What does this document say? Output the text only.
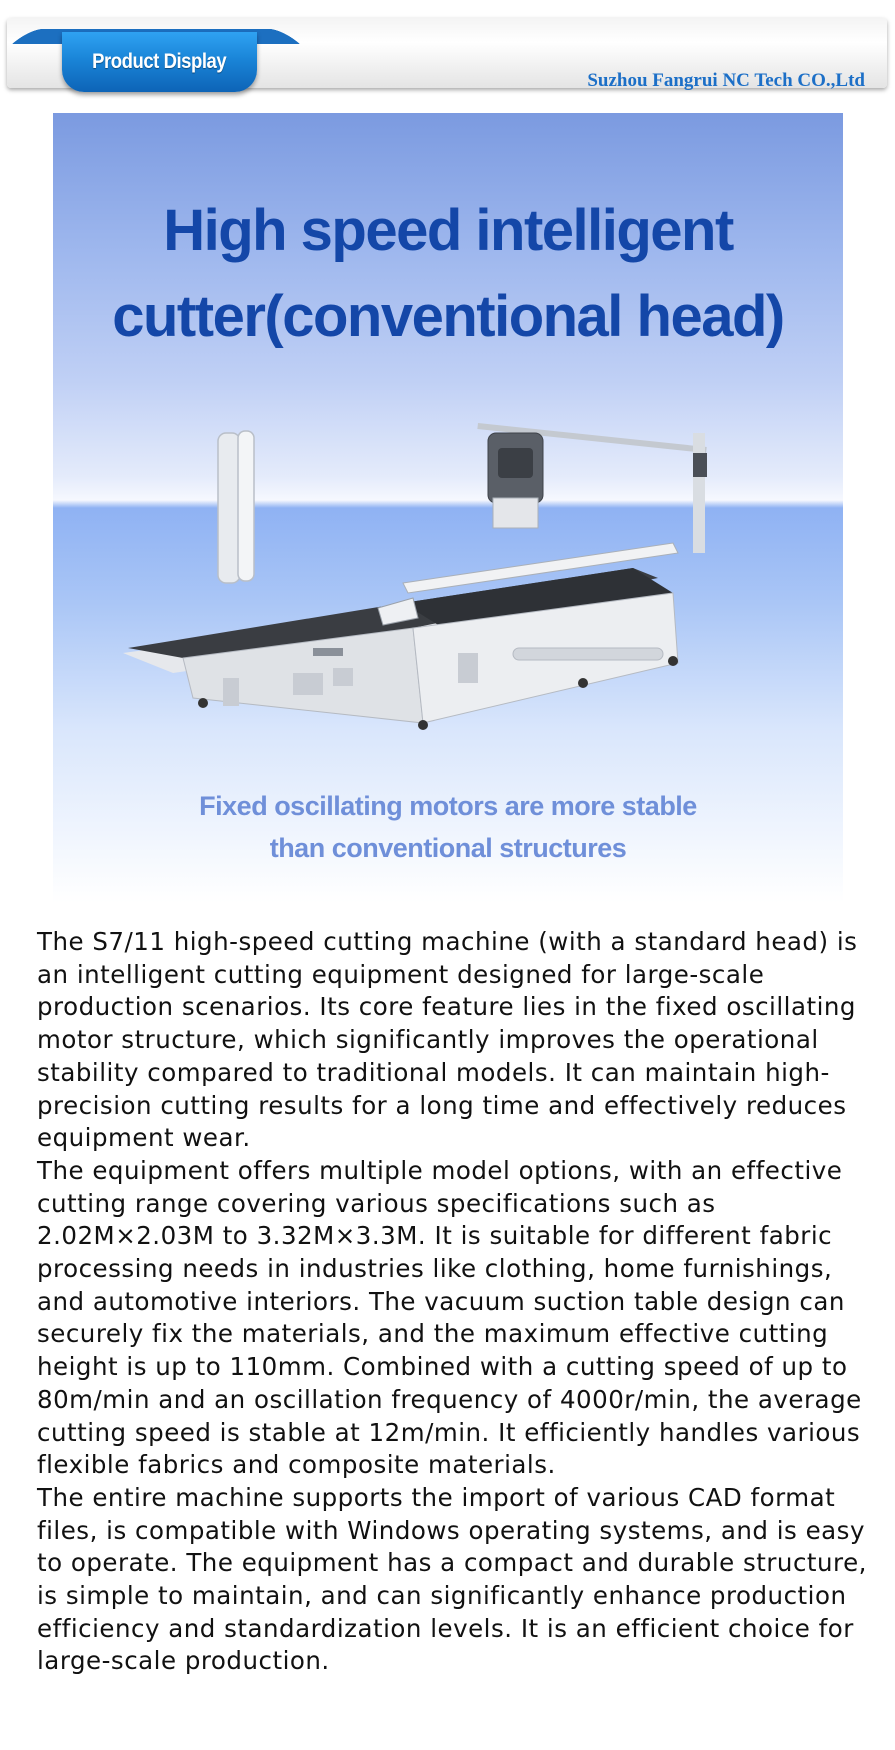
Product Display
Suzhou Fangrui NC Tech CO.,Ltd
High speed intelligent
cutter(conventional head)
Fixed oscillating motors are more stable
than conventional structures

The S7/11 high-speed cutting machine (with a standard head) is an intelligent cutting equipment designed for large-scale production scenarios. Its core feature lies in the fixed oscillating motor structure, which significantly improves the operational stability compared to traditional models. It can maintain high-precision cutting results for a long time and effectively reduces equipment wear.

The equipment offers multiple model options, with an effective cutting range covering various specifications such as 2.02M×2.03M to 3.32M×3.3M. It is suitable for different fabric processing needs in industries like clothing, home furnishings, and automotive interiors. The vacuum suction table design can securely fix the materials, and the maximum effective cutting height is up to 110mm. Combined with a cutting speed of up to 80m/min and an oscillation frequency of 4000r/min, the average cutting speed is stable at 12m/min. It efficiently handles various flexible fabrics and composite materials.

The entire machine supports the import of various CAD format files, is compatible with Windows operating systems, and is easy to operate. The equipment has a compact and durable structure, is simple to maintain, and can significantly enhance production efficiency and standardization levels. It is an efficient choice for large-scale production.
